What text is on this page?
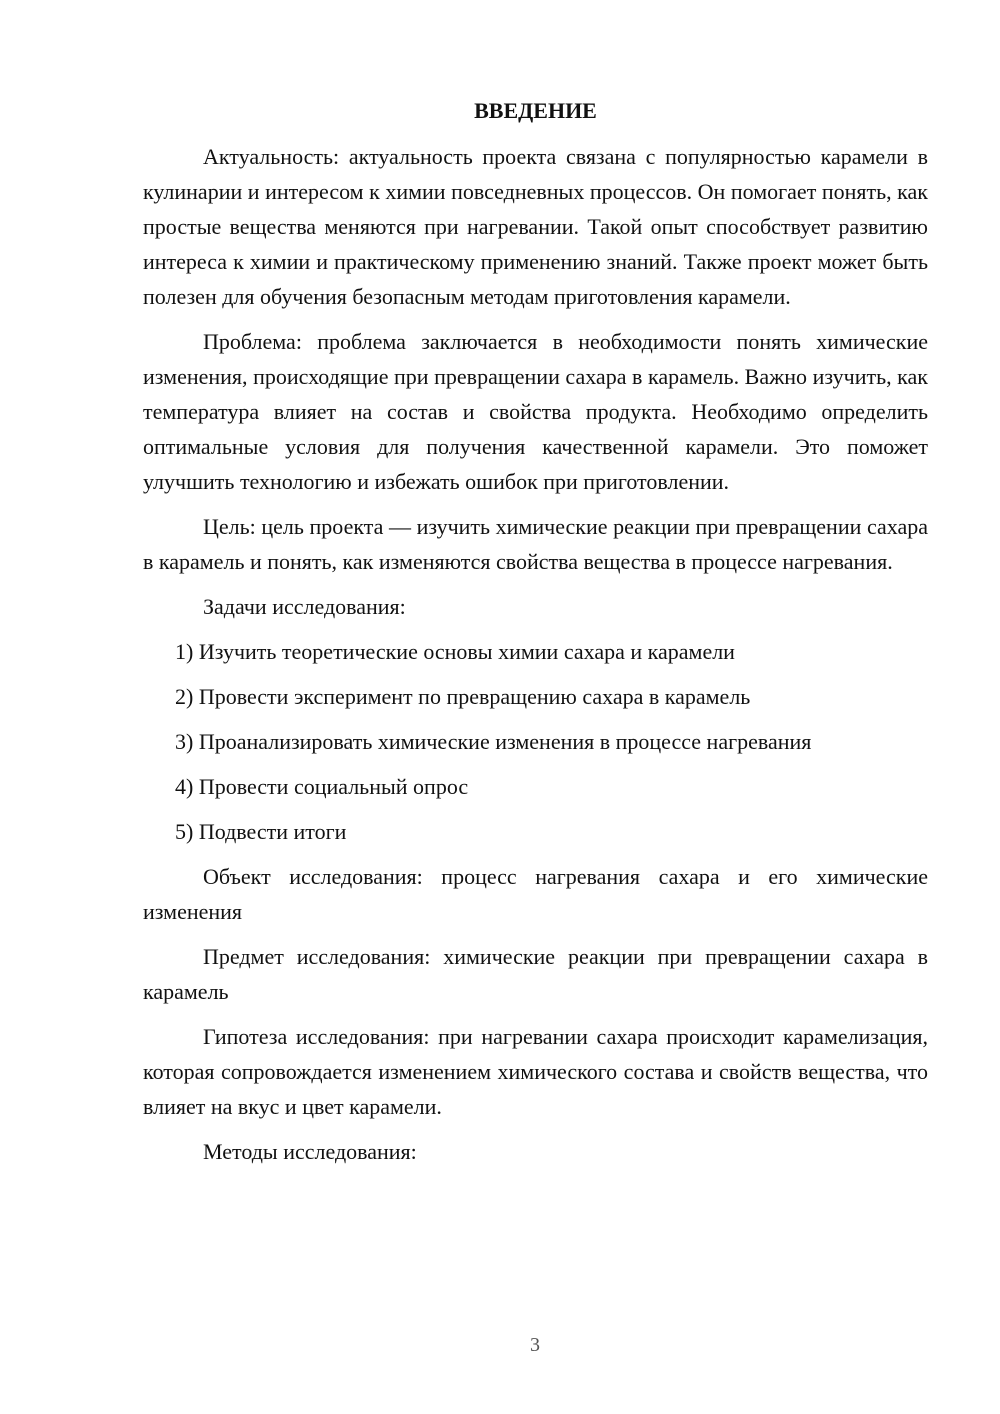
ВВЕДЕНИЕ

Актуальность: актуальность проекта связана с популярностью карамели в кулинарии и интересом к химии повседневных процессов. Он помогает понять, как простые вещества меняются при нагревании. Такой опыт способствует развитию интереса к химии и практическому применению знаний. Также проект может быть полезен для обучения безопасным методам приготовления карамели.

Проблема: проблема заключается в необходимости понять химические изменения, происходящие при превращении сахара в карамель. Важно изучить, как температура влияет на состав и свойства продукта. Необходимо определить оптимальные условия для получения качественной карамели. Это поможет улучшить технологию и избежать ошибок при приготовлении.

Цель: цель проекта — изучить химические реакции при превращении сахара в карамель и понять, как изменяются свойства вещества в процессе нагревания.

Задачи исследования:

1) Изучить теоретические основы химии сахара и карамели

2) Провести эксперимент по превращению сахара в карамель

3) Проанализировать химические изменения в процессе нагревания

4) Провести социальный опрос

5) Подвести итоги

Объект исследования: процесс нагревания сахара и его химические изменения

Предмет исследования: химические реакции при превращении сахара в карамель

Гипотеза исследования: при нагревании сахара происходит карамелизация, которая сопровождается изменением химического состава и свойств вещества, что влияет на вкус и цвет карамели.

Методы исследования:

3
